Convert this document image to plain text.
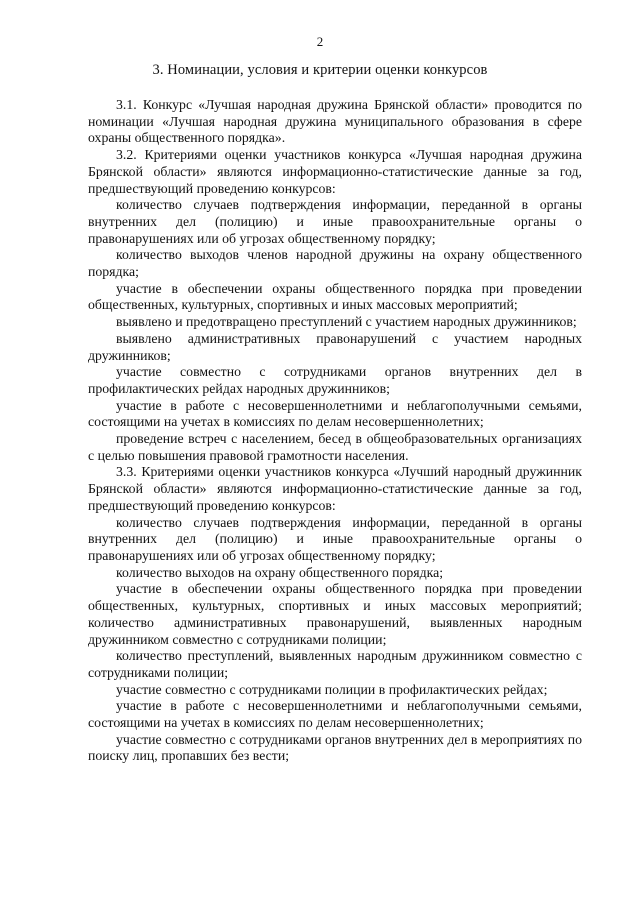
2
3. Номинации, условия и критерии оценки конкурсов

3.1. Конкурс «Лучшая народная дружина Брянской области» проводится по номинации «Лучшая народная дружина муниципального образования в сфере охраны общественного порядка».

3.2. Критериями оценки участников конкурса «Лучшая народная дружина Брянской области» являются информационно-статистические данные за год, предшествующий проведению конкурсов:

количество случаев подтверждения информации, переданной в органы внутренних дел (полицию) и иные правоохранительные органы о правонарушениях или об угрозах общественному порядку;

количество выходов членов народной дружины на охрану общественного порядка;

участие в обеспечении охраны общественного порядка при проведении общественных, культурных, спортивных и иных массовых мероприятий;

выявлено и предотвращено преступлений с участием народных дружинников;

выявлено административных правонарушений с участием народных дружинников;

участие совместно с сотрудниками органов внутренних дел в профилактических рейдах народных дружинников;

участие в работе с несовершеннолетними и неблагополучными семьями, состоящими на учетах в комиссиях по делам несовершеннолетних;

проведение встреч с населением, бесед в общеобразовательных организациях с целью повышения правовой грамотности населения.

3.3. Критериями оценки участников конкурса «Лучший народный дружинник Брянской области» являются информационно-статистические данные за год, предшествующий проведению конкурсов:

количество случаев подтверждения информации, переданной в органы внутренних дел (полицию) и иные правоохранительные органы о правонарушениях или об угрозах общественному порядку;

количество выходов на охрану общественного порядка;

участие в обеспечении охраны общественного порядка при проведении общественных, культурных, спортивных и иных массовых мероприятий; количество административных правонарушений, выявленных народным дружинником совместно с сотрудниками полиции;

количество преступлений, выявленных народным дружинником совместно с сотрудниками полиции;

участие совместно с сотрудниками полиции в профилактических рейдах;

участие в работе с несовершеннолетними и неблагополучными семьями, состоящими на учетах в комиссиях по делам несовершеннолетних;

участие совместно с сотрудниками органов внутренних дел в мероприятиях по поиску лиц, пропавших без вести;
